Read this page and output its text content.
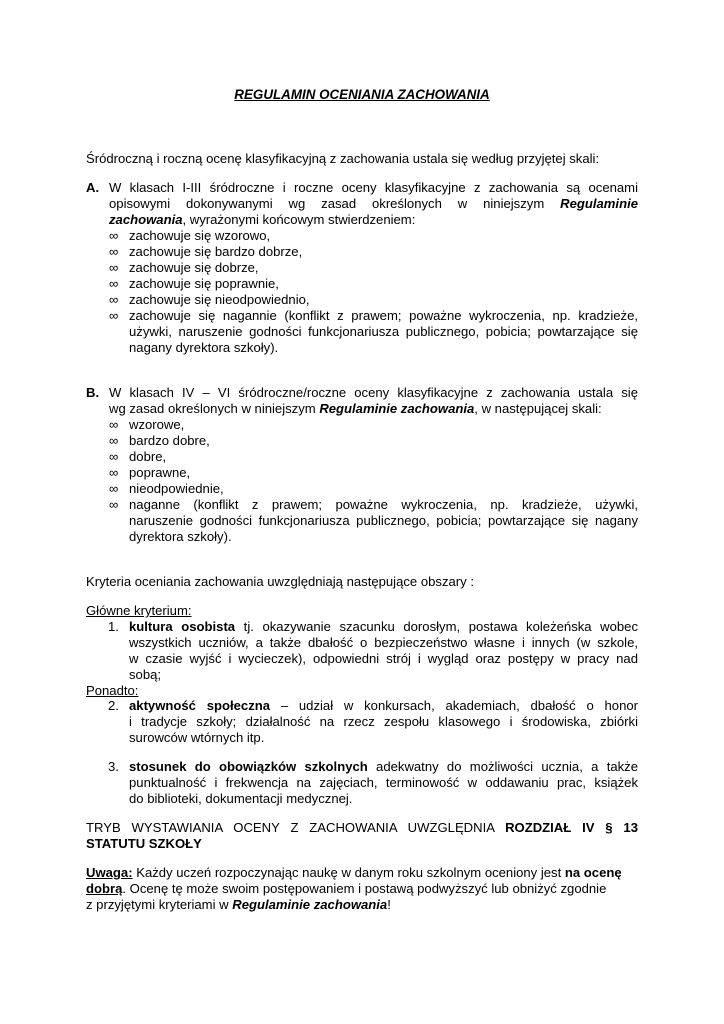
REGULAMIN OCENIANIA ZACHOWANIA
Śródroczną i roczną ocenę klasyfikacyjną z zachowania ustala się według przyjętej skali:
A. W klasach I-III śródroczne i roczne oceny klasyfikacyjne z zachowania są ocenami
opisowymi dokonywanymi wg zasad określonych w niniejszym Regulaminie
zachowania, wyrażonymi końcowym stwierdzeniem:
∞ zachowuje się wzorowo,
∞ zachowuje się bardzo dobrze,
∞ zachowuje się dobrze,
∞ zachowuje się poprawnie,
∞ zachowuje się nieodpowiednio,
∞ zachowuje się nagannie (konflikt z prawem; poważne wykroczenia, np. kradzieże,
używki, naruszenie godności funkcjonariusza publicznego, pobicia; powtarzające się
nagany dyrektora szkoły).
B. W klasach IV – VI śródroczne/roczne oceny klasyfikacyjne z zachowania ustala się
wg zasad określonych w niniejszym Regulaminie zachowania, w następującej skali:
∞ wzorowe,
∞ bardzo dobre,
∞ dobre,
∞ poprawne,
∞ nieodpowiednie,
∞ naganne (konflikt z prawem; poważne wykroczenia, np. kradzieże, używki,
naruszenie godności funkcjonariusza publicznego, pobicia; powtarzające się nagany
dyrektora szkoły).
Kryteria oceniania zachowania uwzględniają następujące obszary :
Główne kryterium:
1. kultura osobista tj. okazywanie szacunku dorosłym, postawa koleżeńska wobec
wszystkich uczniów, a także dbałość o bezpieczeństwo własne i innych (w szkole,
w czasie wyjść i wycieczek), odpowiedni strój i wygląd oraz postępy w pracy nad
sobą;
Ponadto:
2. aktywność społeczna – udział w konkursach, akademiach, dbałość o honor
i tradycje szkoły; działalność na rzecz zespołu klasowego i środowiska, zbiórki
surowców wtórnych itp.
3. stosunek do obowiązków szkolnych adekwatny do możliwości ucznia, a także
punktualność i frekwencja na zajęciach, terminowość w oddawaniu prac, książek
do biblioteki, dokumentacji medycznej.
TRYB WYSTAWIANIA OCENY Z ZACHOWANIA UWZGLĘDNIA ROZDZIAŁ IV § 13
STATUTU SZKOŁY
Uwaga: Każdy uczeń rozpoczynając naukę w danym roku szkolnym oceniony jest na ocenę
dobrą. Ocenę tę może swoim postępowaniem i postawą podwyższyć lub obniżyć zgodnie
z przyjętymi kryteriami w Regulaminie zachowania!
